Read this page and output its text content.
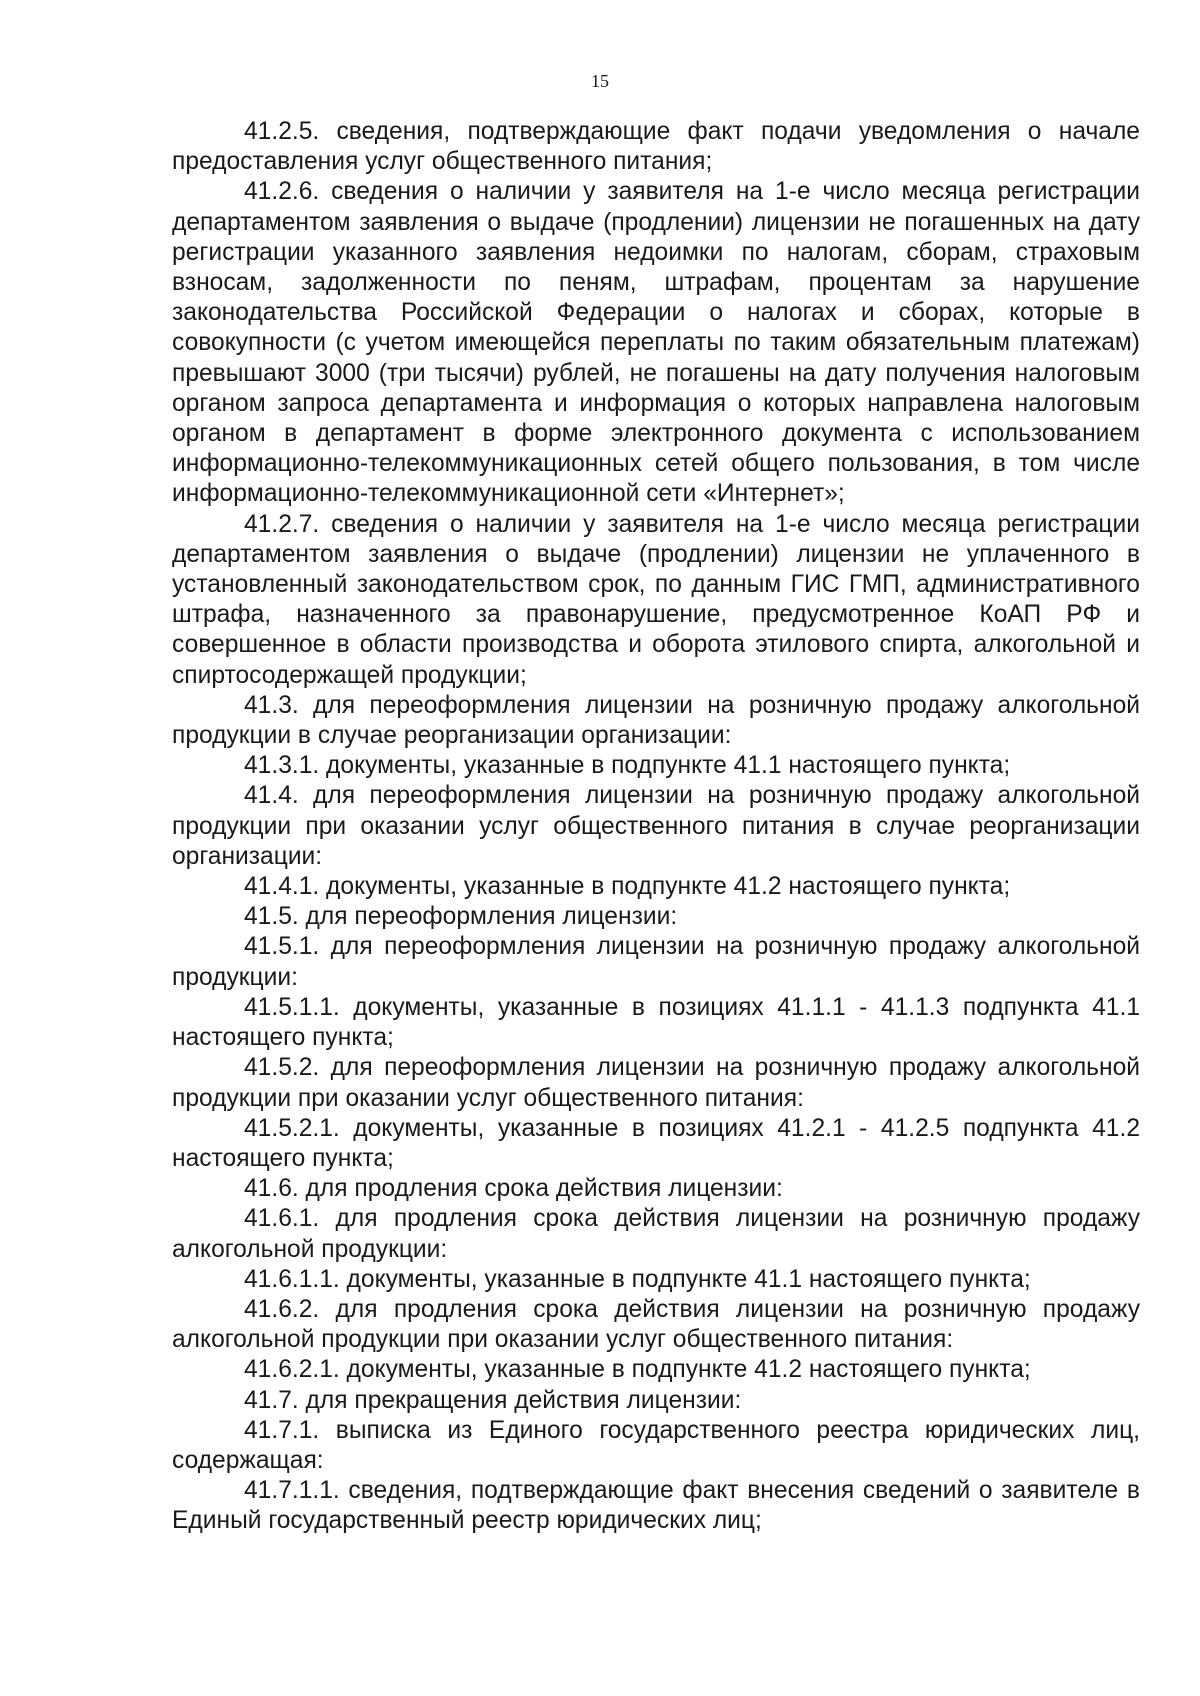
15

41.2.5. сведения, подтверждающие факт подачи уведомления о начале предоставления услуг общественного питания;

41.2.6. сведения о наличии у заявителя на 1-е число месяца регистрации департаментом заявления о выдаче (продлении) лицензии не погашенных на дату регистрации указанного заявления недоимки по налогам, сборам, страховым взносам, задолженности по пеням, штрафам, процентам за нарушение законодательства Российской Федерации о налогах и сборах, которые в совокупности (с учетом имеющейся переплаты по таким обязательным платежам) превышают 3000 (три тысячи) рублей, не погашены на дату получения налоговым органом запроса департамента и информация о которых направлена налоговым органом в департамент в форме электронного документа с использованием информационно-телекоммуникационных сетей общего пользования, в том числе информационно-телекоммуникационной сети «Интернет»;

41.2.7. сведения о наличии у заявителя на 1-е число месяца регистрации департаментом заявления о выдаче (продлении) лицензии не уплаченного в установленный законодательством срок, по данным ГИС ГМП, административного штрафа, назначенного за правонарушение, предусмотренное КоАП РФ и совершенное в области производства и оборота этилового спирта, алкогольной и спиртосодержащей продукции;

41.3. для переоформления лицензии на розничную продажу алкогольной продукции в случае реорганизации организации:

41.3.1. документы, указанные в подпункте 41.1 настоящего пункта;

41.4. для переоформления лицензии на розничную продажу алкогольной продукции при оказании услуг общественного питания в случае реорганизации организации:

41.4.1. документы, указанные в подпункте 41.2 настоящего пункта;

41.5. для переоформления лицензии:

41.5.1. для переоформления лицензии на розничную продажу алкогольной продукции:

41.5.1.1. документы, указанные в позициях 41.1.1 - 41.1.3 подпункта 41.1 настоящего пункта;

41.5.2. для переоформления лицензии на розничную продажу алкогольной продукции при оказании услуг общественного питания:

41.5.2.1. документы, указанные в позициях 41.2.1 - 41.2.5 подпункта 41.2 настоящего пункта;

41.6. для продления срока действия лицензии:

41.6.1. для продления срока действия лицензии на розничную продажу алкогольной продукции:

41.6.1.1. документы, указанные в подпункте 41.1 настоящего пункта;

41.6.2. для продления срока действия лицензии на розничную продажу алкогольной продукции при оказании услуг общественного питания:

41.6.2.1. документы, указанные в подпункте 41.2 настоящего пункта;

41.7. для прекращения действия лицензии:

41.7.1. выписка из Единого государственного реестра юридических лиц, содержащая:

41.7.1.1. сведения, подтверждающие факт внесения сведений о заявителе в Единый государственный реестр юридических лиц;
